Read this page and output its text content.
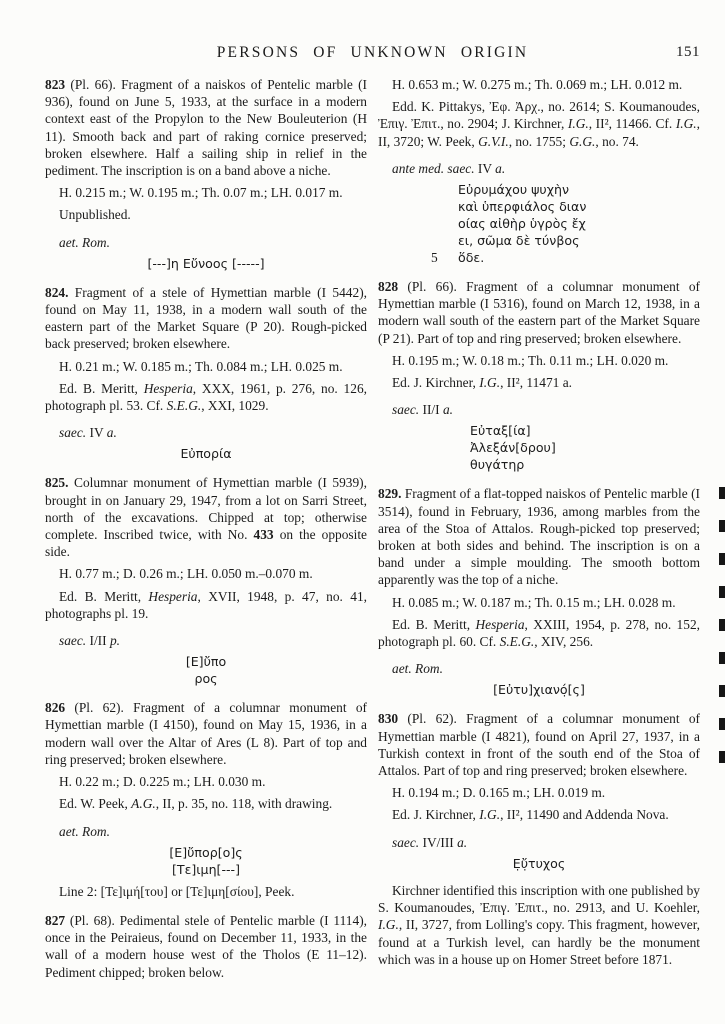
PERSONS OF UNKNOWN ORIGIN	151

823 (Pl. 66). Fragment of a naiskos of Pentelic marble (I 936), found on June 5, 1933, at the surface in a modern context east of the Propylon to the New Bouleuterion (H 11). Smooth back and part of raking cornice preserved; broken elsewhere. Half a sailing ship in relief in the pediment. The inscription is on a band above a niche.

H. 0.215 m.; W. 0.195 m.; Th. 0.07 m.; LH. 0.017 m.

Unpublished.

aet. Rom.

[---]η Εὔνοος [-----]

824. Fragment of a stele of Hymettian marble (I 5442), found on May 11, 1938, in a modern wall south of the eastern part of the Market Square (P 20). Rough-picked back preserved; broken elsewhere.

H. 0.21 m.; W. 0.185 m.; Th. 0.084 m.; LH. 0.025 m.

Ed. B. Meritt, Hesperia, XXX, 1961, p. 276, no. 126, photograph pl. 53. Cf. S.E.G., XXI, 1029.

saec. IV a.

Εὐπορία

825. Columnar monument of Hymettian marble (I 5939), brought in on January 29, 1947, from a lot on Sarri Street, north of the excavations. Chipped at top; otherwise complete. Inscribed twice, with No. 433 on the opposite side.

H. 0.77 m.; D. 0.26 m.; LH. 0.050 m.–0.070 m.

Ed. B. Meritt, Hesperia, XVII, 1948, p. 47, no. 41, photographs pl. 19.

saec. I/II p.

[Ε]ὔπο
ρος

826 (Pl. 62). Fragment of a columnar monument of Hymettian marble (I 4150), found on May 15, 1936, in a modern wall over the Altar of Ares (L 8). Part of top and ring preserved; broken elsewhere.

H. 0.22 m.; D. 0.225 m.; LH. 0.030 m.

Ed. W. Peek, A.G., II, p. 35, no. 118, with drawing.

aet. Rom.

[Ε]ὔπορ[ο]ς
[Τε]ιμη[---]

Line 2: [Τε]ιμή[του] or [Τε]ιμη[σίου], Peek.

827 (Pl. 68). Pedimental stele of Pentelic marble (I 1114), once in the Peiraieus, found on December 11, 1933, in the wall of a modern house west of the Tholos (E 11–12). Pediment chipped; broken below.

H. 0.653 m.; W. 0.275 m.; Th. 0.069 m.; LH. 0.012 m.

Edd. K. Pittakys, Ἐφ. Ἀρχ., no. 2614; S. Koumanoudes, Ἐπιγ. Ἐπιτ., no. 2904; J. Kirchner, I.G., II², 11466. Cf. I.G., II, 3720; W. Peek, G.V.I., no. 1755; G.G., no. 74.

ante med. saec. IV a.

Εὐρυμάχου ψυχὴν
καὶ ὑπερφιάλος διαν
οίας αἰθὴρ ὑγρὸς ἔχ
ει, σῶμα δὲ τύνβος
5 ὅδε.

828 (Pl. 66). Fragment of a columnar monument of Hymettian marble (I 5316), found on March 12, 1938, in a modern wall south of the eastern part of the Market Square (P 21). Part of top and ring preserved; broken elsewhere.

H. 0.195 m.; W. 0.18 m.; Th. 0.11 m.; LH. 0.020 m.

Ed. J. Kirchner, I.G., II², 11471 a.

saec. II/I a.

Εὐταξ[ία]
Ἀλεξάν[δρου]
θυγάτηρ

829. Fragment of a flat-topped naiskos of Pentelic marble (I 3514), found in February, 1936, among marbles from the area of the Stoa of Attalos. Rough-picked top preserved; broken at both sides and behind. The inscription is on a band under a simple moulding. The smooth bottom apparently was the top of a niche.

H. 0.085 m.; W. 0.187 m.; Th. 0.15 m.; LH. 0.028 m.

Ed. B. Meritt, Hesperia, XXIII, 1954, p. 278, no. 152, photograph pl. 60. Cf. S.E.G., XIV, 256.

aet. Rom.

[Εὐτυ]χιανό̣[ς]

830 (Pl. 62). Fragment of a columnar monument of Hymettian marble (I 4821), found on April 27, 1937, in a Turkish context in front of the south end of the Stoa of Attalos. Part of top and ring preserved; broken elsewhere.

H. 0.194 m.; D. 0.165 m.; LH. 0.019 m.

Ed. J. Kirchner, I.G., II², 11490 and Addenda Nova.

saec. IV/III a.

Ε̣ὔ̣τυχος

Kirchner identified this inscription with one published by S. Koumanoudes, Ἐπιγ. Ἐπιτ., no. 2913, and U. Koehler, I.G., II, 3727, from Lolling's copy. This fragment, however, found at a Turkish level, can hardly be the monument which was in a house up on Homer Street before 1871.
